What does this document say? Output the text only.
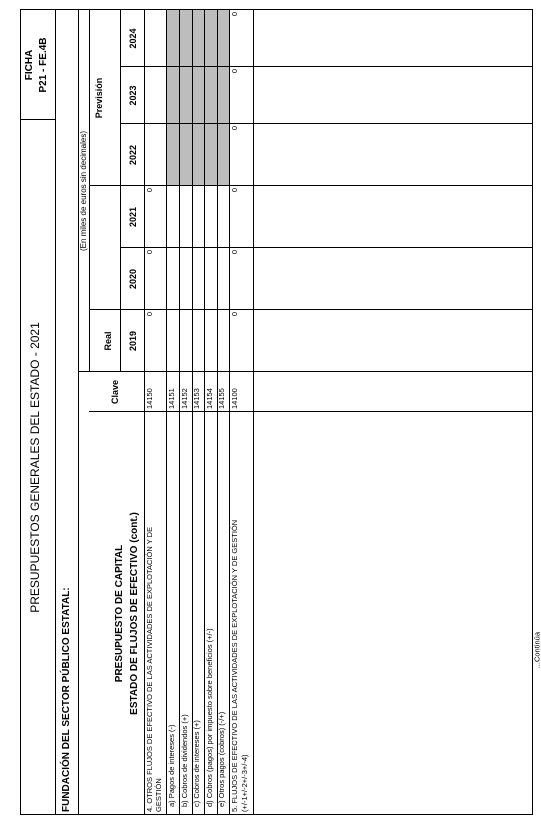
PRESUPUESTOS GENERALES DEL ESTADO - 2021
FICHA P21 - FE.4B
FUNDACIÓN DEL SECTOR PÚBLICO ESTATAL:
(En miles de euros sin decimales)
PRESUPUESTO DE CAPITAL ESTADO DE FLUJOS DE EFECTIVO (cont.)
Clave
Real
Previsión
2019
2020
2021
2022
2023
2024
4. OTROS FLUJOS DE EFECTIVO DE LAS ACTIVIDADES DE EXPLOTACIÓN Y DE GESTIÓN
14150
0
0
0
a) Pagos de intereses (-)
14151
b) Cobros de dividendos (+)
14152
c) Cobros de intereses (+)
14153
d) Cobros (pagos) por impuesto sobre beneficios (+/-)
14154
e) Otros pagos (cobros) (-/+)
14155
5. FLUJOS DE EFECTIVO DE LAS ACTIVIDADES DE EXPLOTACIÓN Y DE GESTIÓN (+/-1+/-2+/-3+/-4)
14100
0
0
0
0
0
0
...Continúa
